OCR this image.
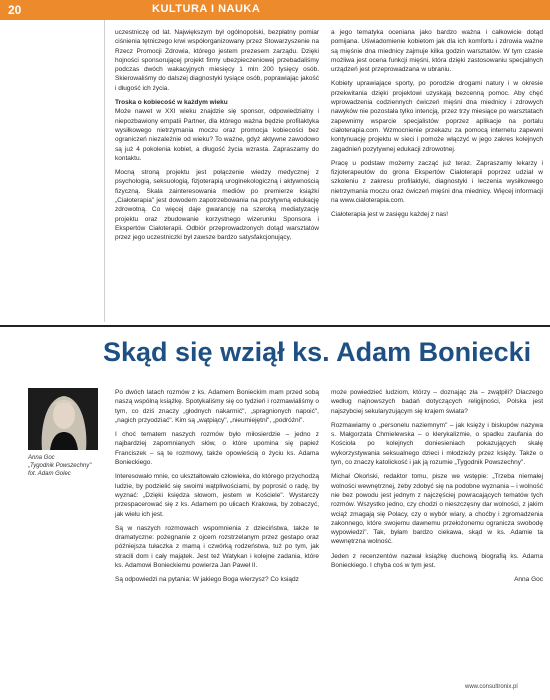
20	KULTURA I NAUKA

uczestniczę od lat. Największym był ogólnopolski, bezpłatny pomiar ciśnienia tętniczego krwi współorganizowany przez Stowarzyszenie na Rzecz Promocji Zdrowia, którego jestem prezesem zarządu. Dzięki hojności sponsorującej projekt firmy ubezpieczeniowej przebadaliśmy podczas dwóch wakacyjnych miesięcy 1 mln 200 tysięcy osób. Skierowaliśmy do dalszej diagnostyki tysiące osób, poprawiając jakość i długość ich życia.

Troska o kobiecość w każdym wieku

Może nawet w XXI wieku znajdzie się sponsor, odpowiedzialny i niepozbawiony empatii Partner, dla którego ważna będzie profilaktyka wysiłkowego nietrzymania moczu oraz promocja kobiecości bez ograniczeń niezależnie od wieku? To ważne, gdyż aktywne zawodowo są już 4 pokolenia kobiet, a długość życia wzrasta. Zapraszamy do kontaktu.

Mocną stroną projektu jest połączenie wiedzy medycznej z psychologią, seksuologią, fizjoterapią uroginekologiczną i aktywnością fizyczną. Skala zainteresowania mediów po premierze książki „Ciałoterapia" jest dowodem zapotrzebowania na pozytywną edukację zdrowotną. Co więcej daje gwarancję na szeroką mediatyzację projektu oraz zbudowanie korzystnego wizerunku Sponsora i Ekspertów Ciałoterapii. Odbiór przeprowadzonych dotąd warsztatów przez jego uczestniczki był zawsze bardzo satysfakcjonujący,

a jego tematyka oceniana jako bardzo ważna i całkowicie dotąd pomijana. Uświadomienie kobietom jak dla ich komfortu i zdrowia ważne są mięśnie dna miednicy zajmuje kilka godzin warsztatów. W tym czasie możliwa jest ocena funkcji mięśni, która dzięki zastosowaniu specjalnych urządzeń jest przeprowadzana w ubraniu.

Kobiety uprawiające sporty, po porodzie drogami natury i w okresie przekwitania dzięki projektowi uzyskają bezcenną pomoc. Aby chęć wprowadzenia codziennych ćwiczeń mięśni dna miednicy i zdrowych nawyków nie pozostała tylko intencją, przez trzy miesiące po warsztatach zapewnimy wsparcie specjalistów poprzez aplikacje na portalu ciałoterapia.com. Wzmocnienie przekazu za pomocą internetu zapewni kontynuację projektu w sieci i pomoże włączyć w jego zakres kolejnych zagadnień pozytywnej edukacji zdrowotnej.

Pracę u podstaw możemy zacząć już teraz. Zapraszamy lekarzy i fizjoterapeutów do grona Ekspertów Ciałoterapii poprzez udział w szkoleniu z zakresu profilaktyki, diagnostyki i leczenia wysiłkowego nietrzymania moczu oraz ćwiczeń mięśni dna miednicy. Więcej informacji na www.cialoterapia.com.

Ciałoterapia jest w zasięgu każdej z nas!

Skąd się wziął ks. Adam Boniecki
Anna Goc
„Tygodnik Powszechny"
fot. Adam Golec

Po dwóch latach rozmów z ks. Adamem Bonieckim mam przed sobą naszą wspólną książkę. Spotykaliśmy się co tydzień i rozmawialiśmy o tym, co dziś znaczy „głodnych nakarmić", „spragnionych napoić", „nagich przyodziać". Kim są „wątpiący", „nieumiejętni", „podróżni".

I choć tematem naszych rozmów było miłosierdzie – jedno z najbardziej zapomnianych słów, o które upomina się papież Franciszek – są te rozmowy, także opowieścią o życiu ks. Adama Bonieckiego.

Interesowało mnie, co ukształtowało człowieka, do którego przychodzą ludzie, by podzielić się swoimi wątpliwościami, by poprosić o radę, by wyznać: „Dzięki księdza słowom, jestem w Kościele". Wystarczy przespacerować się z ks. Adamem po ulicach Krakowa, by zobaczyć, jak wielu ich jest.

Są w naszych rozmowach wspomnienia z dzieciństwa, także te dramatyczne: pożegnanie z ojcem rozstrzelanym przez gestapo oraz późniejsza tułaczka z mamą i czwórką rodzeństwa, tuż po tym, jak stracili dom i cały majątek. Jest też Watykan i kolejne zadania, które ks. Adamowi Bonieckiemu powierza Jan Paweł II.

Są odpowiedzi na pytania: W jakiego Boga wierzysz? Co ksiądz

może powiedzieć ludziom, którzy – doznając zła – zwątpili? Dlaczego według najnowszych badań dotyczących religijności, Polska jest najszybciej sekularyzującym się krajem świata?

Rozmawiamy o „personelu naziemnym" – jak księży i biskupów nazywa s. Małgorzata Chmielewska – o klerykalizmie, o spadku zaufania do Kościoła po kolejnych doniesieniach pokazujących skalę wykorzystywania seksualnego dzieci i młodzieży przez księży. Także o tym, co znaczy katolickość i jak ją rozumie „Tygodnik Powszechny".

Michał Okoński, redaktor tomu, pisze we wstępie: „Trzeba niemałej wolności wewnętrznej, żeby zdobyć się na podobne wyznania – i wolność nie bez powodu jest jednym z najczęściej powracających tematów tych rozmów. Wszystko jedno, czy chodzi o nieszczęsny dar wolności, z jakim wciąż zmagają się Polacy, czy o wybór wiary, a choćby i zgromadzenia zakonnego, które swojemu dawnemu przełożonemu ogranicza swobodę wypowiedzi". Tak, byłam bardzo ciekawa, skąd w ks. Adamie ta wewnętrzna wolność.

Jeden z recenzentów nazwał książkę duchową biografią ks. Adama Bonieckiego. I chyba coś w tym jest.

Anna Goc

www.consultronix.pl
